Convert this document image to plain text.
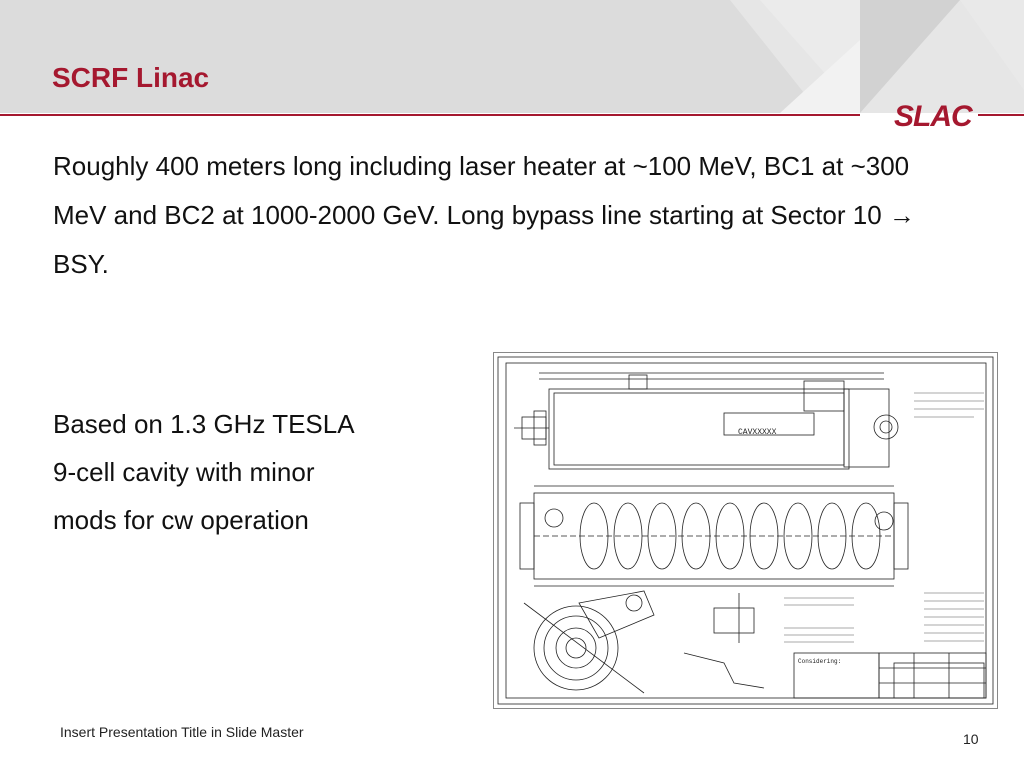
SCRF Linac
SLAC

Roughly 400 meters long including laser heater at ~100 MeV, BC1 at ~300 MeV and BC2 at 1000-2000 GeV. Long bypass line starting at Sector 10 → BSY.

Based on 1.3 GHz TESLA
9-cell cavity with minor
mods for cw operation
CAVXXXXX
Considering:
Insert Presentation Title in Slide Master	10
